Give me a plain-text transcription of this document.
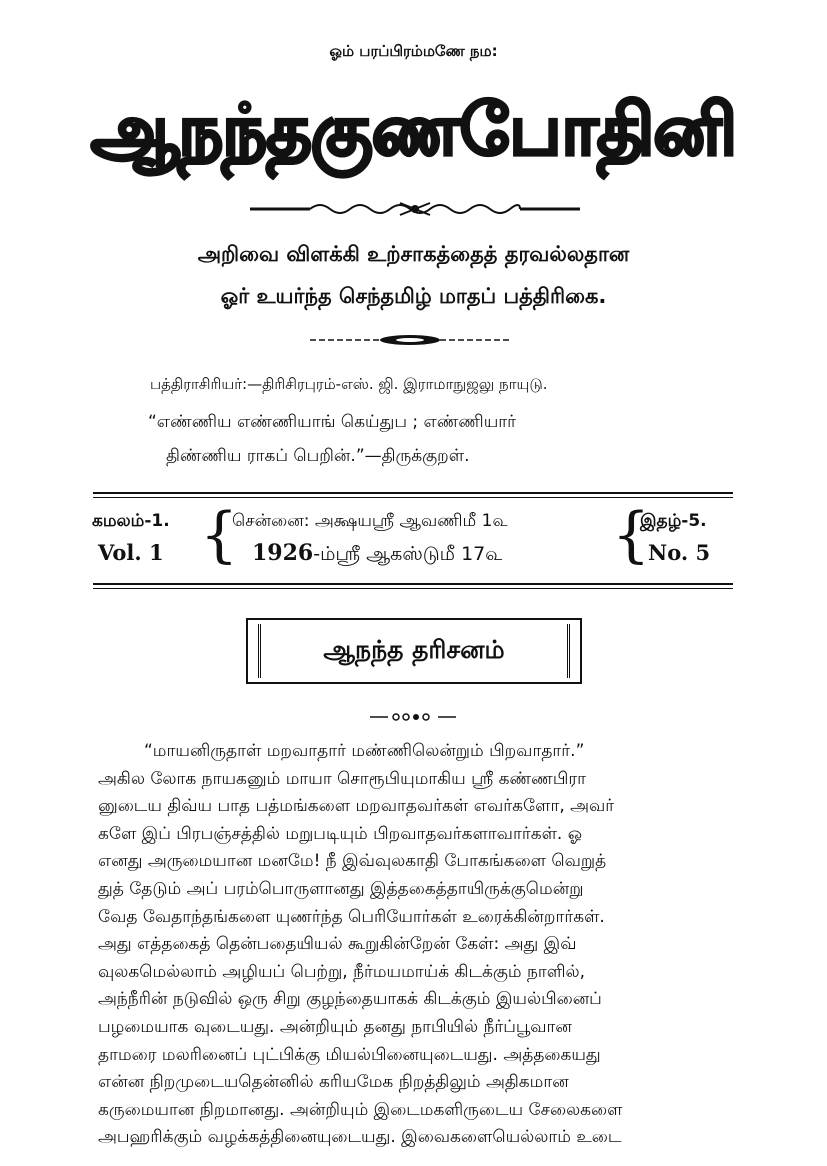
ஓம் பரப்பிரம்மணே நம:
ஆநந்தகுணபோதினி
அறிவை விளக்கி உற்சாகத்தைத் தரவல்லதான
ஓர் உயர்ந்த செந்தமிழ் மாதப் பத்திரிகை.
பத்திராசிரியர்:—திரிசிரபுரம்-எஸ். ஜி. இராமாநுஜலு நாயுடு.
“எண்ணிய எண்ணியாங் கெய்துப ; எண்ணியார்
திண்ணிய ராகப் பெறின்.”—திருக்குறள்.
கமலம்-1.
Vol. 1 {
சென்னை: அக்ஷயஸ்ரீ ஆவணிமீ 1௳
1926-ம்ஸ்ரீ ஆகஸ்டுமீ 17௳ {
இதழ்-5.
No. 5
ஆநந்த தரிசனம்
“மாயனிருதாள் மறவாதார் மண்ணிலென்றும் பிறவாதார்.”
அகில லோக நாயகனும் மாயா சொரூபியுமாகிய ஸ்ரீ கண்ணபிரா
னுடைய திவ்ய பாத பத்மங்களை மறவாதவர்கள் எவர்களோ, அவர்
களே இப் பிரபஞ்சத்தில் மறுபடியும் பிறவாதவர்களாவார்கள். ஓ
எனது அருமையான மனமே! நீ இவ்வுலகாதி போகங்களை வெறுத்
துத் தேடும் அப் பரம்பொருளானது இத்தகைத்தாயிருக்குமென்று
வேத வேதாந்தங்களை யுணர்ந்த பெரியோர்கள் உரைக்கின்றார்கள்.
அது எத்தகைத் தென்பதையியல் கூறுகின்றேன் கேள்: அது இவ்
வுலகமெல்லாம் அழியப் பெற்று, நீர்மயமாய்க் கிடக்கும் நாளில்,
அந்நீரின் நடுவில் ஒரு சிறு குழந்தையாகக் கிடக்கும் இயல்பினைப்
பழமையாக வுடையது. அன்றியும் தனது நாபியில் நீர்ப்பூவான
தாமரை மலரினைப் புட்பிக்கு மியல்பினையுடையது. அத்தகையது
என்ன நிறமுடையதென்னில் கரியமேக நிறத்திலும் அதிகமான
கருமையான நிறமானது. அன்றியும் இடைமகளிருடைய சேலைகளை
அபஹரிக்கும் வழக்கத்தினையுடையது. இவைகளையெல்லாம் உடை
